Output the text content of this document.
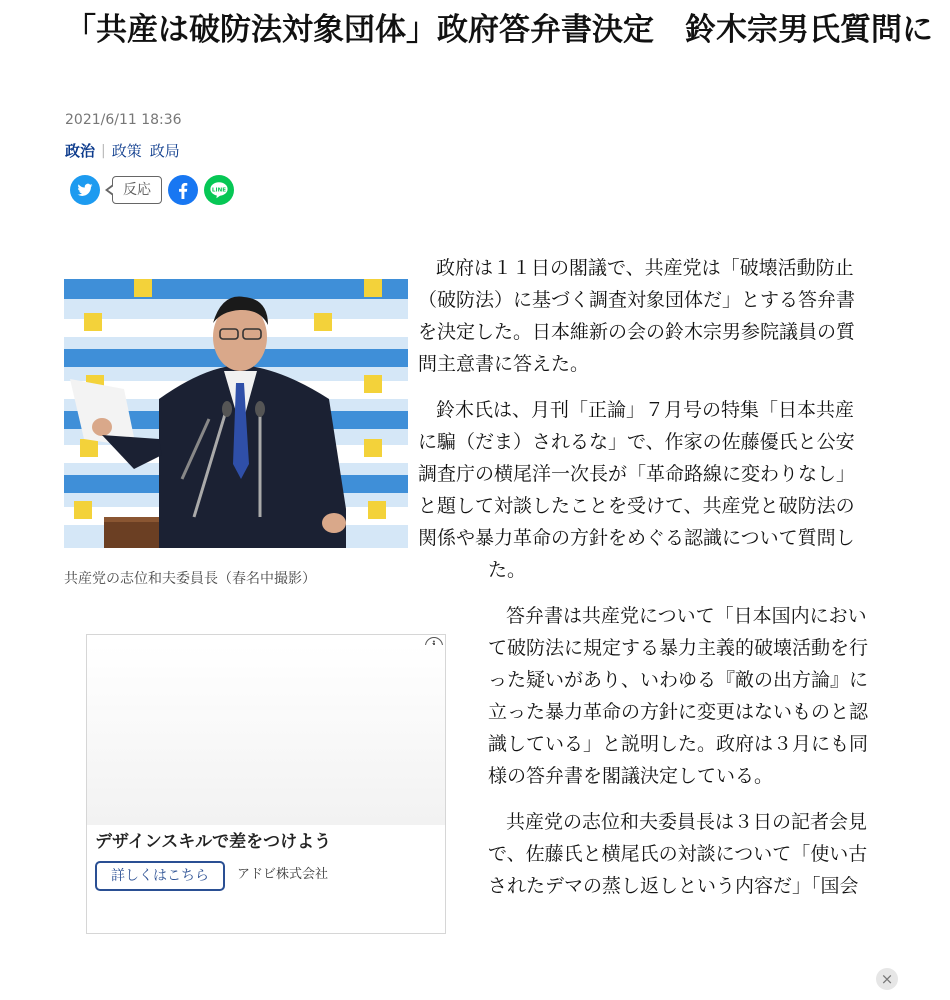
「共産は破防法対象団体」政府答弁書決定　鈴木宗男氏質問に
2021/6/11 18:36
政治 | 政策 政局
反応	LINE
共産党の志位和夫委員長（春名中撮影）
デザインスキルで差をつけよう
詳しくはこちら	アドビ株式会社
政府は１１日の閣議で、共産党は「破壊活動防止
（破防法）に基づく調査対象団体だ」とする答弁書
を決定した。日本維新の会の鈴木宗男参院議員の質
問主意書に答えた。
鈴木氏は、月刊「正論」７月号の特集「日本共産
に騙（だま）されるな」で、作家の佐藤優氏と公安
調査庁の横尾洋一次長が「革命路線に変わりなし」
と題して対談したことを受けて、共産党と破防法の
関係や暴力革命の方針をめぐる認識について質問し
た。
答弁書は共産党について「日本国内におい
て破防法に規定する暴力主義的破壊活動を行
った疑いがあり、いわゆる『敵の出方論』に
立った暴力革命の方針に変更はないものと認
識している」と説明した。政府は３月にも同
様の答弁書を閣議決定している。
共産党の志位和夫委員長は３日の記者会見
で、佐藤氏と横尾氏の対談について「使い古
されたデマの蒸し返しという内容だ」「国会
×
